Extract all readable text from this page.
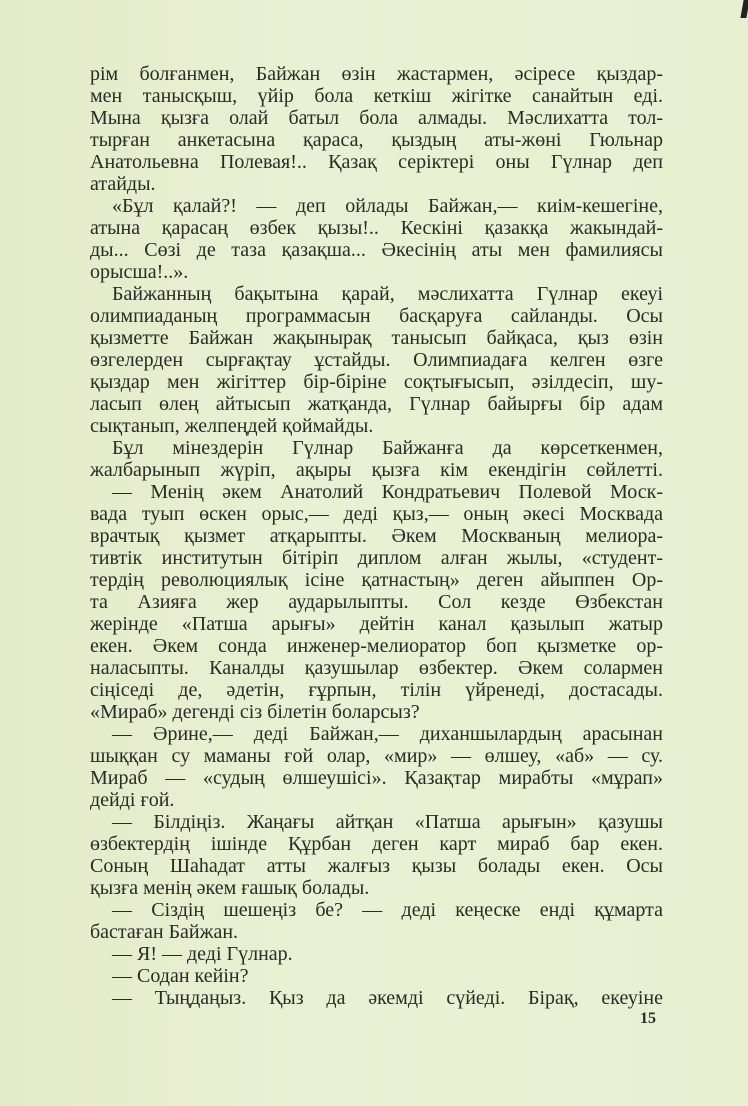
рім болғанмен, Байжан өзін жастармен, әсіресе қыздар-
мен танысқыш, үйір бола кеткіш жігітке санайтын еді.
Мына қызға олай батыл бола алмады. Мәслихатта тол-
тырған анкетасына қараса, қыздың аты-жөні Гюльнар
Анатольевна Полевая!.. Қазақ серіктері оны Гүлнар деп
атайды.
«Бұл қалай?! — деп ойлады Байжан,— киім-кешегіне,
атына қарасаң өзбек қызы!.. Кескіні қазакқа жакындай-
ды... Сөзі де таза қазақша... Әкесінің аты мен фамилиясы
орысша!..».
Байжанның бақытына қарай, мәслихатта Гүлнар екеуі
олимпиаданың программасын басқаруға сайланды. Осы
қызметте Байжан жақынырақ танысып байқаса, қыз өзін
өзгелерден сырғақтау ұстайды. Олимпиадаға келген өзге
қыздар мен жігіттер бір-біріне соқтығысып, әзілдесіп, шу-
ласып өлең айтысып жатқанда, Гүлнар байырғы бір адам
сықтанып, желпеңдей қоймайды.
Бұл мінездерін Гүлнар Байжанға да көрсеткенмен,
жалбарынып жүріп, ақыры қызға кім екендігін сөйлетті.
— Менің әкем Анатолий Кондратьевич Полевой Моск-
вада туып өскен орыс,— деді қыз,— оның әкесі Москвада
врачтық қызмет атқарыпты. Әкем Москваның мелиора-
тивтік институтын бітіріп диплом алған жылы, «студент-
тердің революциялық ісіне қатнастың» деген айыппен Ор-
та Азияға жер аударылыпты. Сол кезде Өзбекстан
жерінде «Патша арығы» дейтін канал қазылып жатыр
екен. Әкем сонда инженер-мелиоратор боп қызметке ор-
наласыпты. Каналды қазушылар өзбектер. Әкем солармен
сіңіседі де, әдетін, ғұрпын, тілін үйренеді, достасады.
«Мираб» дегенді сіз білетін боларсыз?
— Әрине,— деді Байжан,— диханшылардың арасынан
шыққан су маманы ғой олар, «мир» — өлшеу, «аб» — су.
Мираб — «судың өлшеушісі». Қазақтар мирабты «мұрап»
дейді ғой.
— Білдіңіз. Жаңағы айтқан «Патша арығын» қазушы
өзбектердің ішінде Құрбан деген карт мираб бар екен.
Соның Шаһадат атты жалғыз қызы болады екен. Осы
қызға менің әкем ғашық болады.
— Сіздің шешеңіз бе? — деді кеңеске енді құмарта
бастаған Байжан.
— Я! — деді Гүлнар.
— Содан кейін?
— Тыңдаңыз. Қыз да әкемді сүйеді. Бірақ, екеуіне
15
